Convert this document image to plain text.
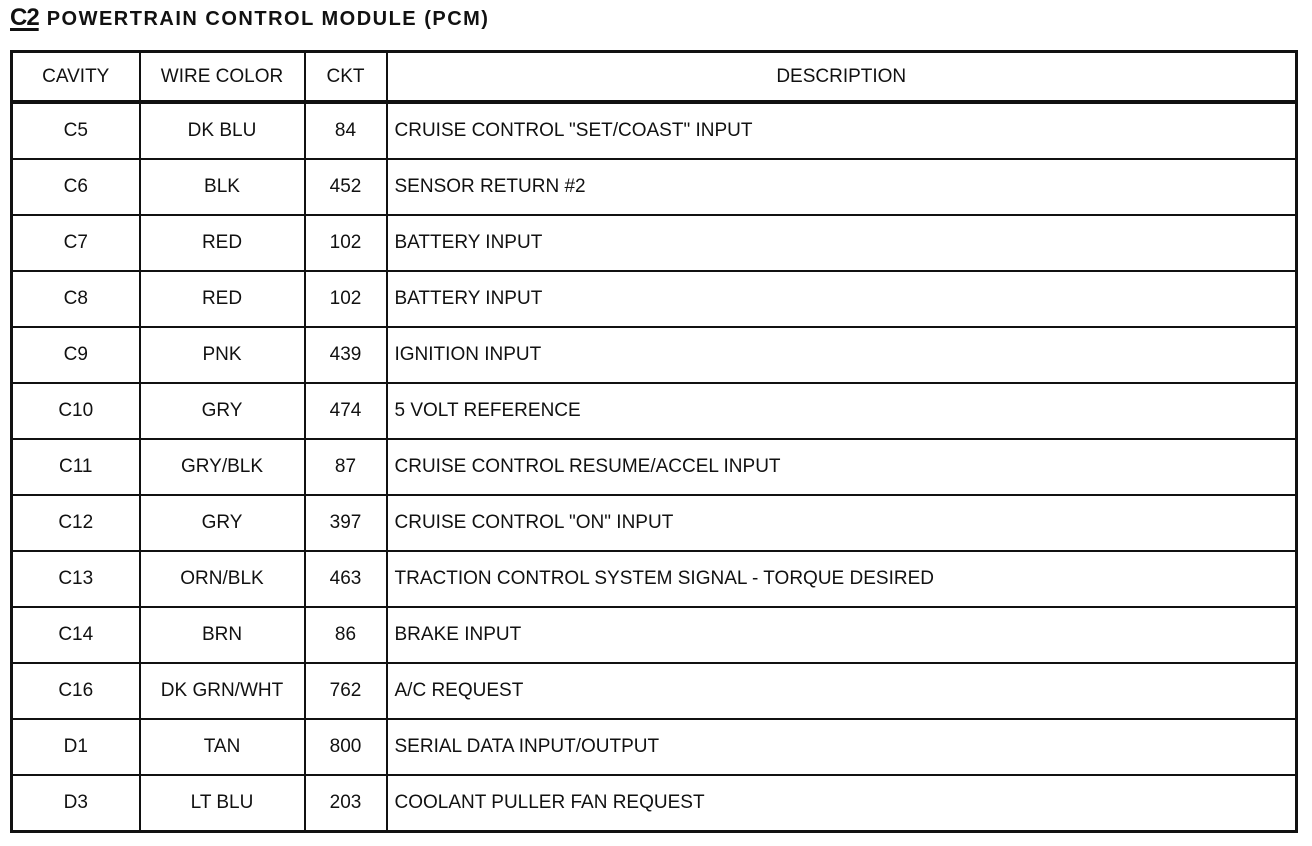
C2 POWERTRAIN CONTROL MODULE (PCM)
CAVITY	WIRE COLOR	CKT	DESCRIPTION
C5	DK BLU	84	CRUISE CONTROL "SET/COAST" INPUT
C6	BLK	452	SENSOR RETURN #2
C7	RED	102	BATTERY INPUT
C8	RED	102	BATTERY INPUT
C9	PNK	439	IGNITION INPUT
C10	GRY	474	5 VOLT REFERENCE
C11	GRY/BLK	87	CRUISE CONTROL RESUME/ACCEL INPUT
C12	GRY	397	CRUISE CONTROL "ON" INPUT
C13	ORN/BLK	463	TRACTION CONTROL SYSTEM SIGNAL - TORQUE DESIRED
C14	BRN	86	BRAKE INPUT
C16	DK GRN/WHT	762	A/C REQUEST
D1	TAN	800	SERIAL DATA INPUT/OUTPUT
D3	LT BLU	203	COOLANT PULLER FAN REQUEST
